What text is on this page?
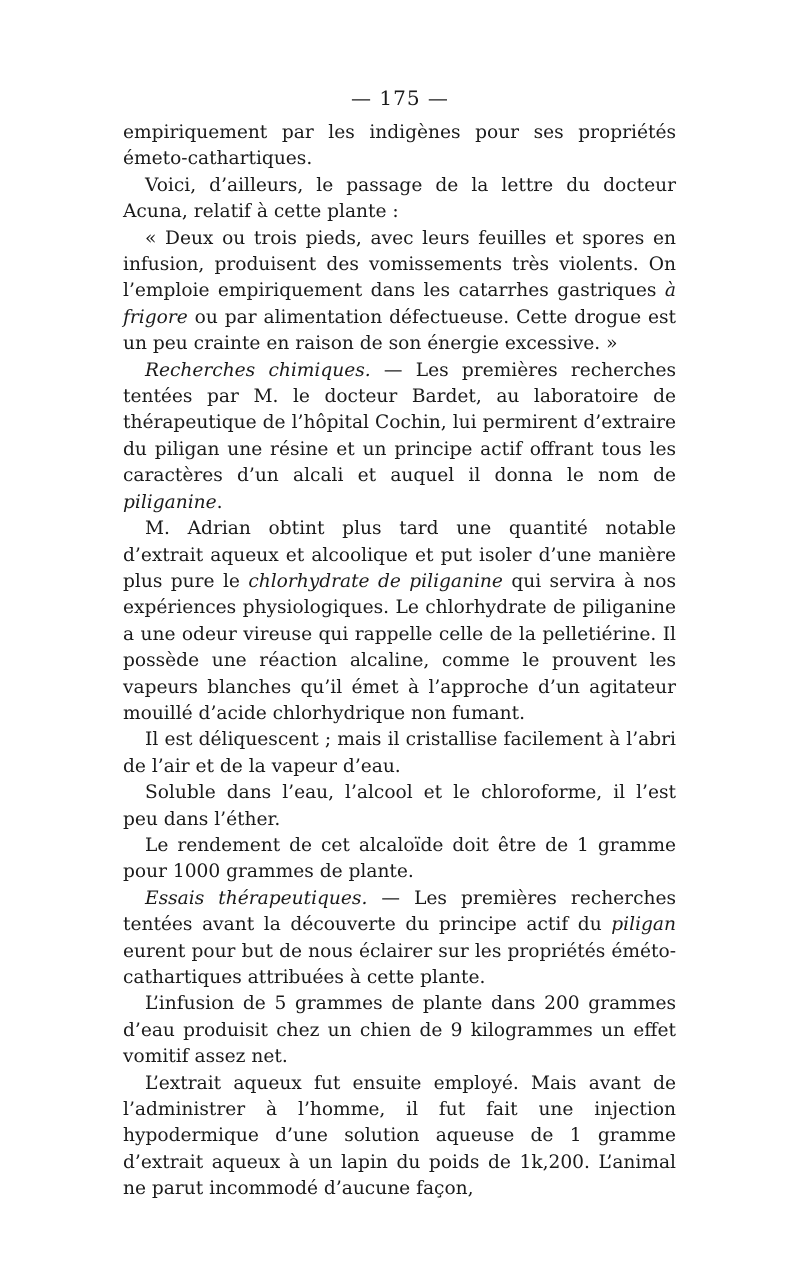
— 175 —

empiriquement par les indigènes pour ses propriétés émeto-cathartiques.

Voici, d’ailleurs, le passage de la lettre du docteur Acuna, relatif à cette plante :

« Deux ou trois pieds, avec leurs feuilles et spores en infusion, produisent des vomissements très violents. On l’emploie empiriquement dans les catarrhes gastriques à frigore ou par alimentation défectueuse. Cette drogue est un peu crainte en raison de son énergie excessive. »

Recherches chimiques. — Les premières recherches tentées par M. le docteur Bardet, au laboratoire de thérapeutique de l’hôpital Cochin, lui permirent d’extraire du piligan une résine et un principe actif offrant tous les caractères d’un alcali et auquel il donna le nom de piliganine.

M. Adrian obtint plus tard une quantité notable d’extrait aqueux et alcoolique et put isoler d’une manière plus pure le chlorhydrate de piliganine qui servira à nos expériences physiologiques. Le chlorhydrate de piliganine a une odeur vireuse qui rappelle celle de la pelletiérine. Il possède une réaction alcaline, comme le prouvent les vapeurs blanches qu’il émet à l’approche d’un agitateur mouillé d’acide chlorhydrique non fumant.

Il est déliquescent ; mais il cristallise facilement à l’abri de l’air et de la vapeur d’eau.

Soluble dans l’eau, l’alcool et le chloroforme, il l’est peu dans l’éther.

Le rendement de cet alcaloïde doit être de 1 gramme pour 1000 grammes de plante.

Essais thérapeutiques. — Les premières recherches tentées avant la découverte du principe actif du piligan eurent pour but de nous éclairer sur les propriétés éméto-cathartiques attribuées à cette plante.

L’infusion de 5 grammes de plante dans 200 grammes d’eau produisit chez un chien de 9 kilogrammes un effet vomitif assez net.

L’extrait aqueux fut ensuite employé. Mais avant de l’administrer à l’homme, il fut fait une injection hypodermique d’une solution aqueuse de 1 gramme d’extrait aqueux à un lapin du poids de 1k,200. L’animal ne parut incommodé d’aucune façon,
